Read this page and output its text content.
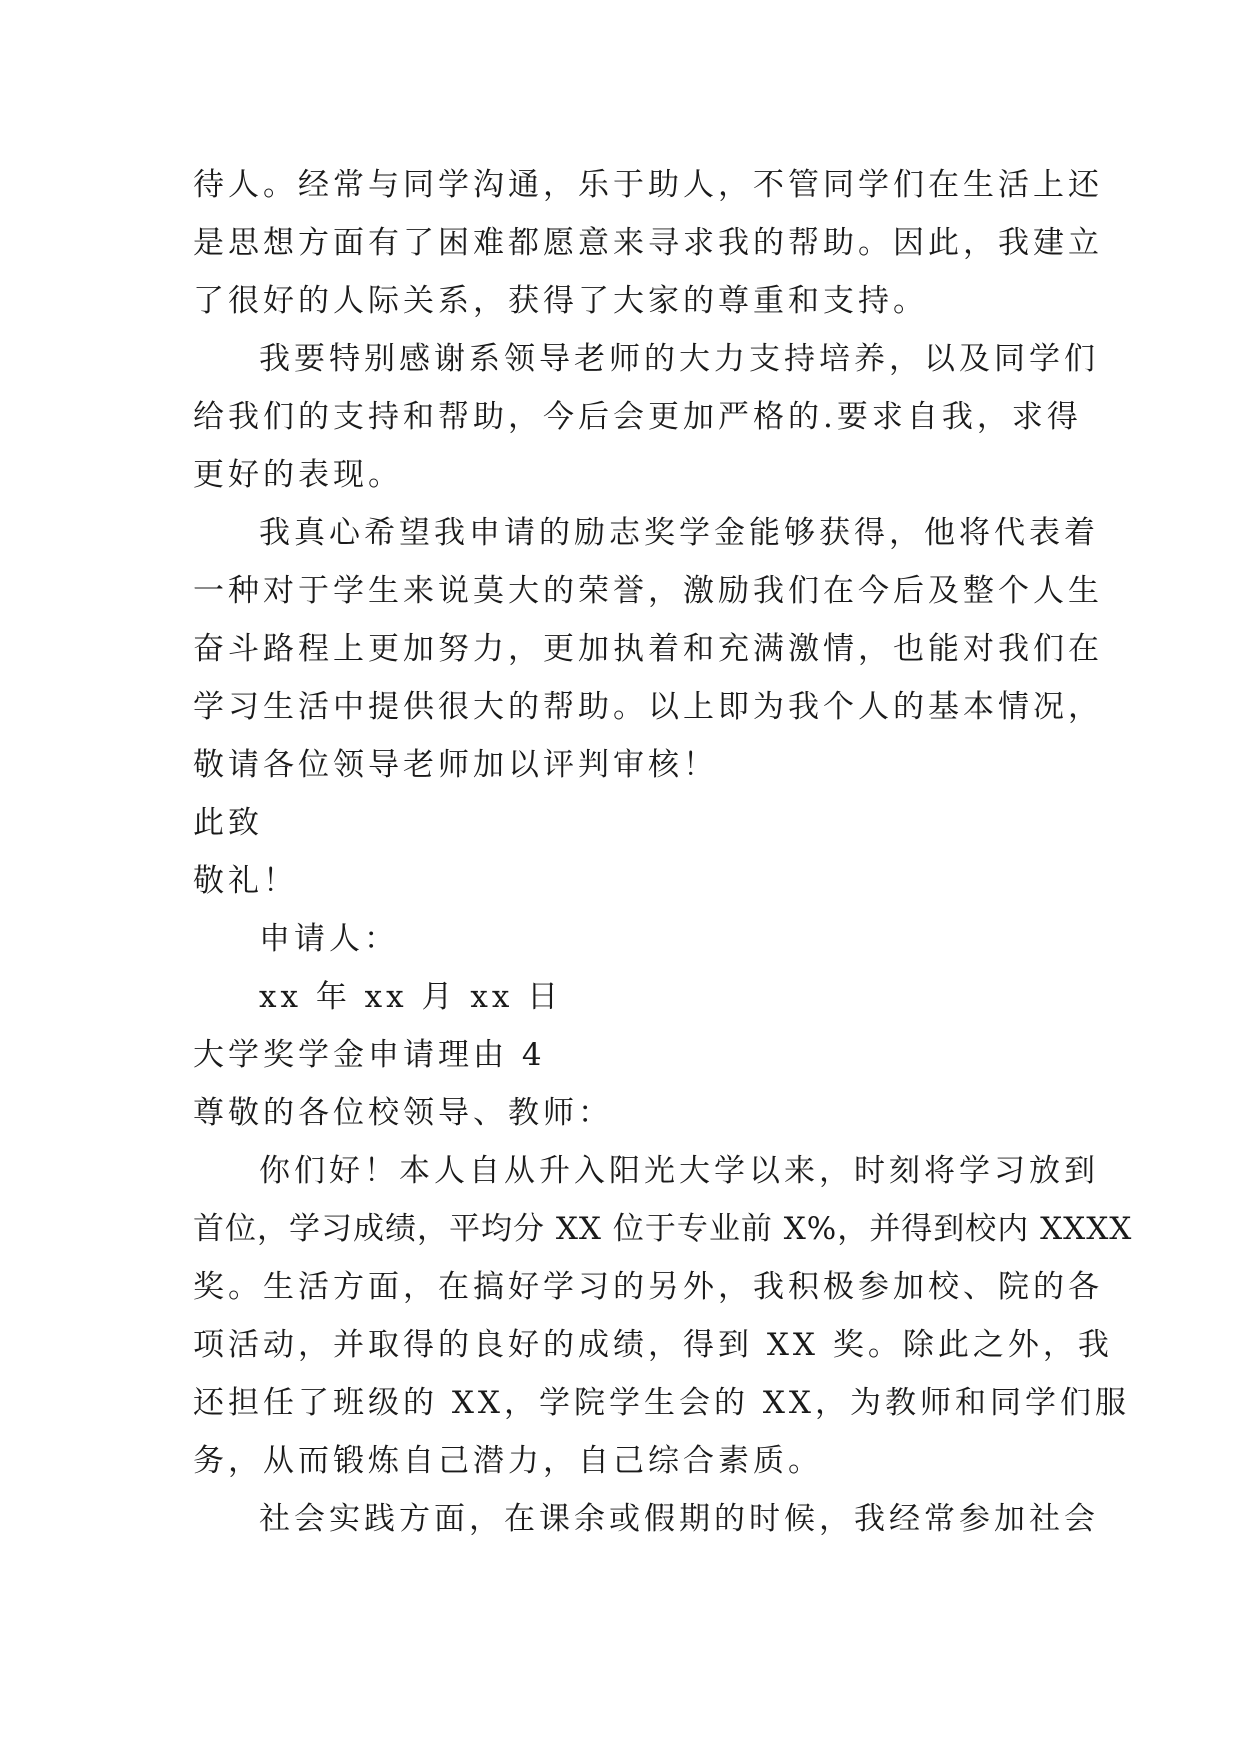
待人。经常与同学沟通，乐于助人，不管同学们在生活上还
是思想方面有了困难都愿意来寻求我的帮助。因此，我建立
了很好的人际关系，获得了大家的尊重和支持。
我要特别感谢系领导老师的大力支持培养，以及同学们
给我们的支持和帮助，今后会更加严格的.要求自我，求得
更好的表现。
我真心希望我申请的励志奖学金能够获得，他将代表着
一种对于学生来说莫大的荣誉，激励我们在今后及整个人生
奋斗路程上更加努力，更加执着和充满激情，也能对我们在
学习生活中提供很大的帮助。以上即为我个人的基本情况，
敬请各位领导老师加以评判审核！
此致
敬礼！
申请人：
xx 年 xx 月 xx 日
大学奖学金申请理由 4
尊敬的各位校领导、教师：
你们好！本人自从升入阳光大学以来，时刻将学习放到
首位，学习成绩，平均分 XX 位于专业前 X%，并得到校内 XXXX
奖。生活方面，在搞好学习的另外，我积极参加校、院的各
项活动，并取得的良好的成绩，得到 XX 奖。除此之外，我
还担任了班级的 XX，学院学生会的 XX，为教师和同学们服
务，从而锻炼自己潜力，自己综合素质。
社会实践方面，在课余或假期的时候，我经常参加社会
